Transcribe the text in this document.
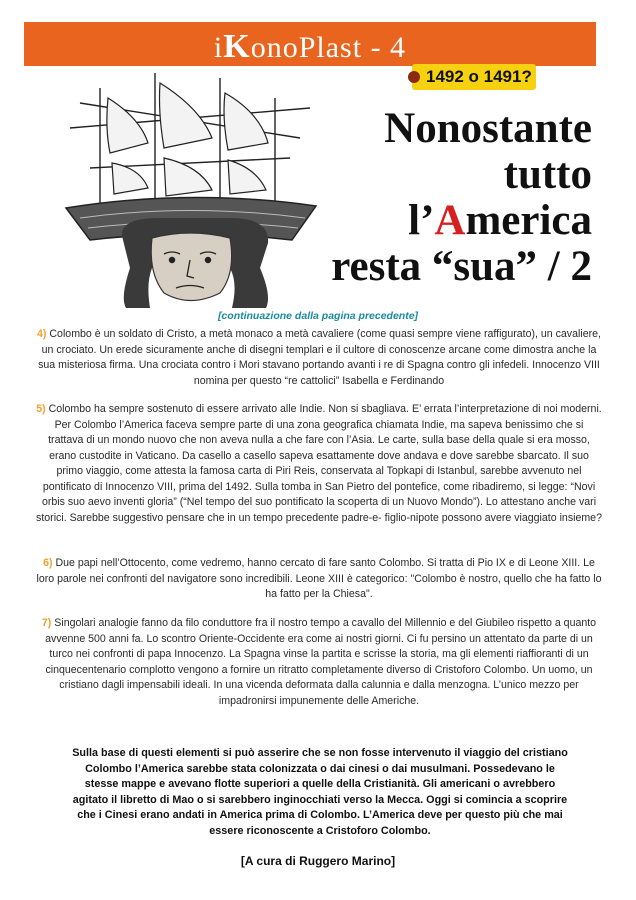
iKonoPlast - 4
1492 o 1491?
Nonostante
tutto
l’America
resta “sua” / 2
[continuazione dalla pagina precedente]
4) Colombo è un soldato di Cristo, a metà monaco a metà cavaliere (come quasi sempre viene raffigurato), un cavaliere, un crociato. Un erede sicuramente anche di disegni templari e il cultore di conoscenze arcane come dimostra anche la sua misteriosa firma. Una crociata contro i Mori stavano portando avanti i re di Spagna contro gli infedeli. Innocenzo VIII nomina per questo “re cattolici” Isabella e Ferdinando
5) Colombo ha sempre sostenuto di essere arrivato alle Indie. Non si sbagliava. E’ errata l’interpretazione di noi moderni. Per Colombo l’America faceva sempre parte di una zona geografica chiamata Indie, ma sapeva benissimo che si trattava di un mondo nuovo che non aveva nulla a che fare con l’Asia. Le carte, sulla base della quale si era mosso, erano custodite in Vaticano. Da casello a casello sapeva esattamente dove andava e dove sarebbe sbarcato. Il suo primo viaggio, come attesta la famosa carta di Piri Reis, conservata al Topkapi di Istanbul, sarebbe avvenuto nel pontificato di Innocenzo VIII, prima del 1492. Sulla tomba in San Pietro del pontefice, come ribadiremo, si legge: “Novi orbis suo aevo inventi gloria” (“Nel tempo del suo pontificato la scoperta di un Nuovo Mondo”). Lo attestano anche vari storici. Sarebbe suggestivo pensare che in un tempo precedente padre-e- figlio-nipote possono avere viaggiato insieme?
6) Due papi nell’Ottocento, come vedremo, hanno cercato di fare santo Colombo. Si tratta di Pio IX e di Leone XIII. Le loro parole nei confronti del navigatore sono incredibili. Leone XIII è categorico: "Colombo è nostro, quello che ha fatto lo ha fatto per la Chiesa".
7) Singolari analogie fanno da filo conduttore fra il nostro tempo a cavallo del Millennio e del Giubileo rispetto a quanto avvenne 500 anni fa. Lo scontro Oriente-Occidente era come ai nostri giorni. Ci fu persino un attentato da parte di un turco nei confronti di papa Innocenzo. La Spagna vinse la partita e scrisse la storia, ma gli elementi riaffioranti di un cinquecentenario complotto vengono a fornire un ritratto completamente diverso di Cristoforo Colombo. Un uomo, un cristiano dagli impensabili ideali. In una vicenda deformata dalla calunnia e dalla menzogna. L’unico mezzo per impadronirsi impunemente delle Americhe.
Sulla base di questi elementi si può asserire che se non fosse intervenuto il viaggio del cristiano Colombo l’America sarebbe stata colonizzata o dai cinesi o dai musulmani. Possedevano le stesse mappe e avevano flotte superiori a quelle della Cristianità. Gli americani o avrebbero agitato il libretto di Mao o si sarebbero inginocchiati verso la Mecca. Oggi si comincia a scoprire che i Cinesi erano andati in America prima di Colombo. L’America deve per questo più che mai essere riconoscente a Cristoforo Colombo.
[A cura di Ruggero Marino]
